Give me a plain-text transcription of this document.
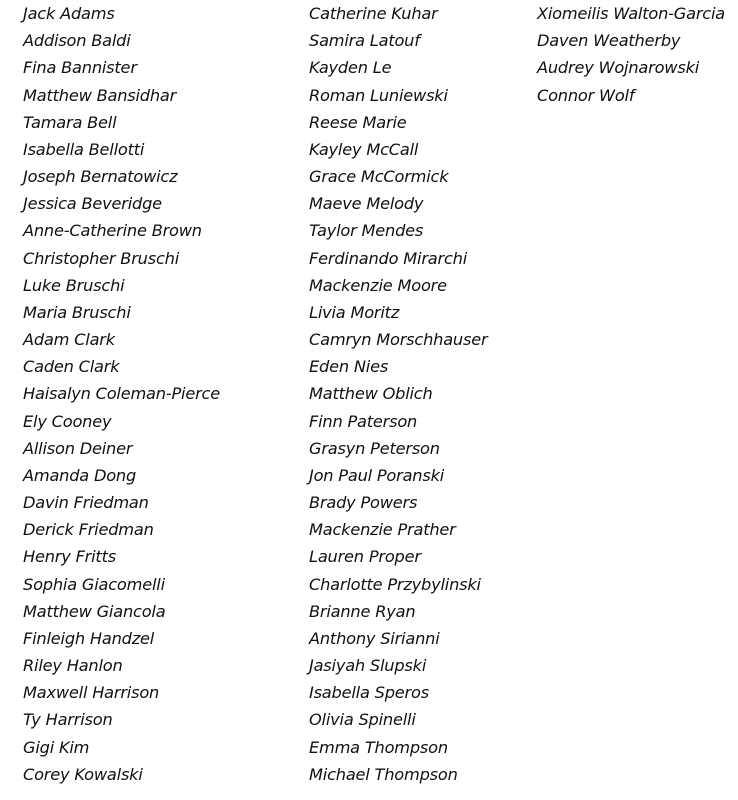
Jack Adams
Addison Baldi
Fina Bannister
Matthew Bansidhar
Tamara Bell
Isabella Bellotti
Joseph Bernatowicz
Jessica Beveridge
Anne-Catherine Brown
Christopher Bruschi
Luke Bruschi
Maria Bruschi
Adam Clark
Caden Clark
Haisalyn Coleman-Pierce
Ely Cooney
Allison Deiner
Amanda Dong
Davin Friedman
Derick Friedman
Henry Fritts
Sophia Giacomelli
Matthew Giancola
Finleigh Handzel
Riley Hanlon
Maxwell Harrison
Ty Harrison
Gigi Kim
Corey Kowalski
Catherine Kuhar
Samira Latouf
Kayden Le
Roman Luniewski
Reese Marie
Kayley McCall
Grace McCormick
Maeve Melody
Taylor Mendes
Ferdinando Mirarchi
Mackenzie Moore
Livia Moritz
Camryn Morschhauser
Eden Nies
Matthew Oblich
Finn Paterson
Grasyn Peterson
Jon Paul Poranski
Brady Powers
Mackenzie Prather
Lauren Proper
Charlotte Przybylinski
Brianne Ryan
Anthony Sirianni
Jasiyah Slupski
Isabella Speros
Olivia Spinelli
Emma Thompson
Michael Thompson
Xiomeilis Walton-Garcia
Daven Weatherby
Audrey Wojnarowski
Connor Wolf
